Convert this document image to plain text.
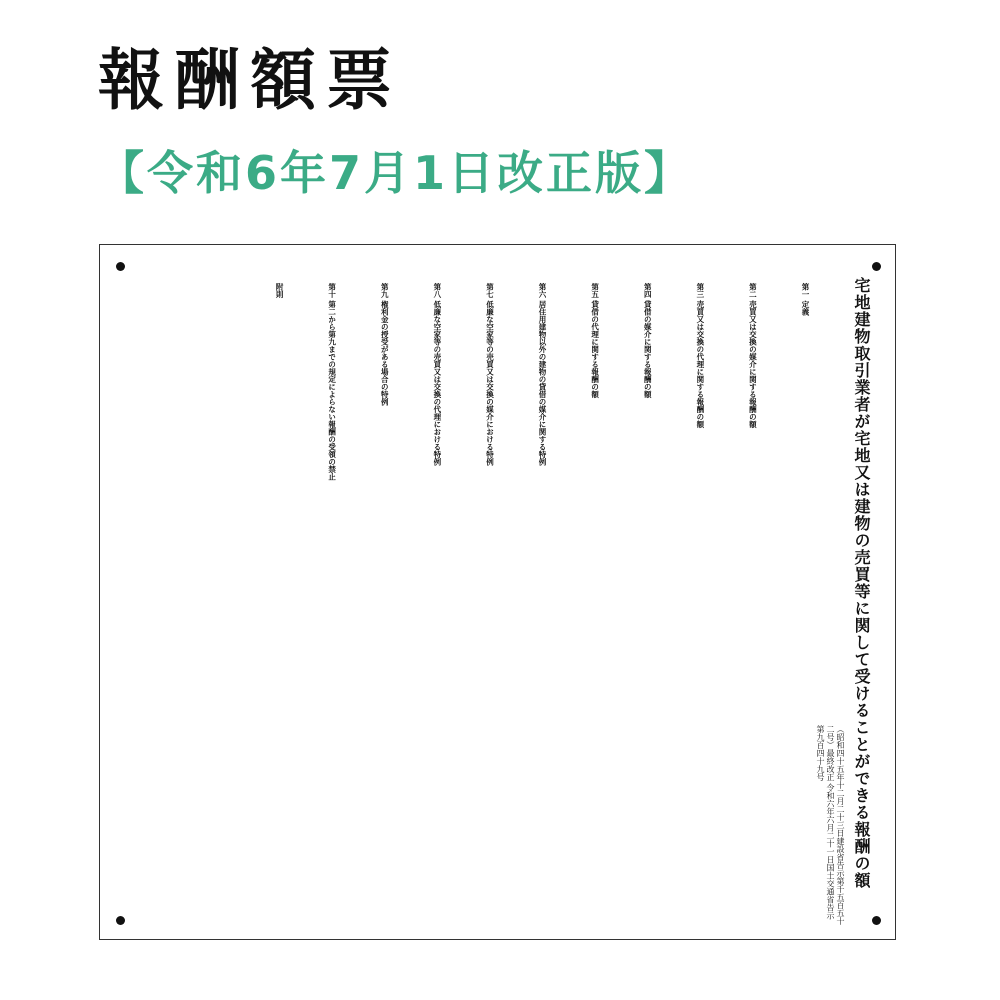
報酬額票
【令和6年7月1日改正版】
宅地建物取引業者が宅地又は建物の売買等に関して受けることができる報酬の額
（昭和四十五年十二月二十三日建設省告示第千五百五十二号）最終改正 令和六年六月二十一日国土交通省告示第九百四十九号
第一 定義
第二 売買又は交換の媒介に関する報酬の額
第三 売買又は交換の代理に関する報酬の額
第四 貸借の媒介に関する報酬の額
第五 貸借の代理に関する報酬の額
第六 居住用建物以外の建物の貸借の媒介に関する特例
第七 低廉な空家等の売買又は交換の媒介における特例
第八 低廉な空家等の売買又は交換の代理における特例
第九 権利金の授受がある場合の特例
第十 第二から第九までの規定によらない報酬の受領の禁止
附則
